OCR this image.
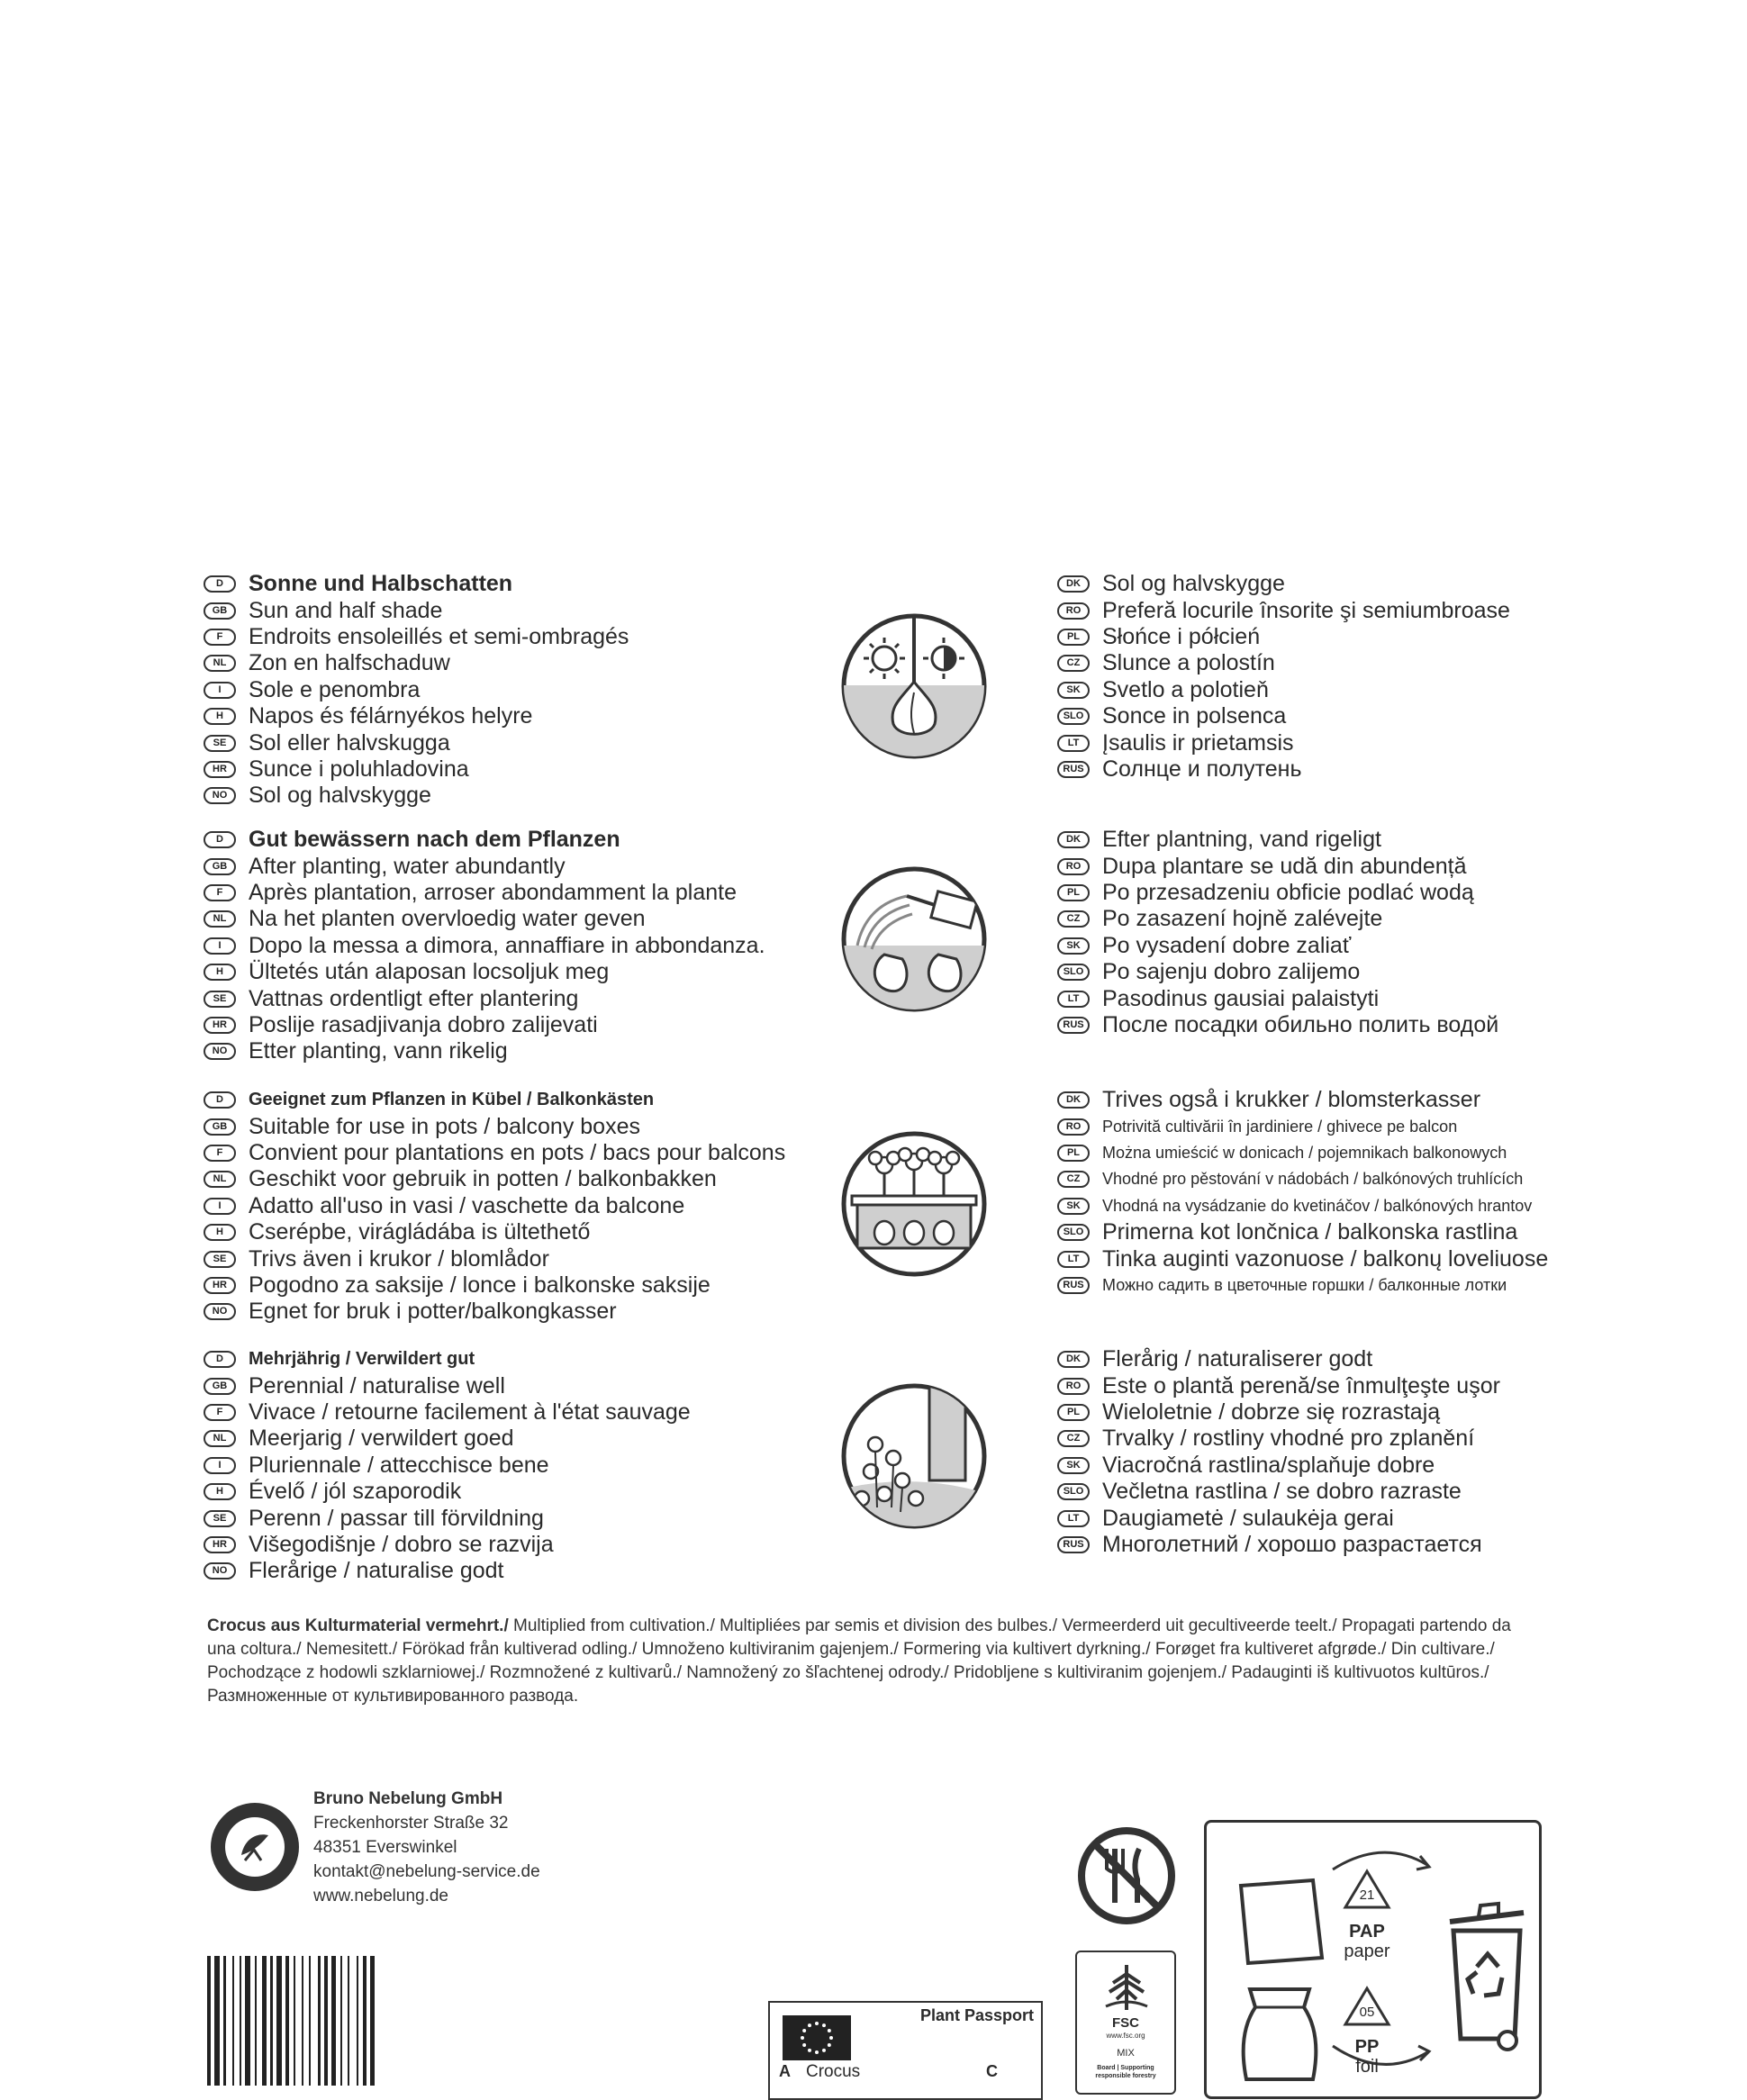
D	Sonne und Halbschatten
GB Sun and half shade
F	Endroits ensoleillés et semi-ombragés
NL Zon en halfschaduw
I	Sole e penombra
H	Napos és félárnyékos helyre
SE Sol eller halvskugga
HR Sunce i poluhladovina
NO Sol og halvskygge
DK Sol og halvskygge
RO Preferă locurile însorite şi semiumbroase
PL Słońce i półcień
CZ Slunce a polostín
SK Svetlo a polotieň
SLO Sonce in polsenca
LT	Įsaulis ir prietamsis
RUS Солнце и полутень
D	Gut bewässern nach dem Pflanzen
GB After planting, water abundantly
F	Après plantation, arroser abondamment la plante
NL Na het planten overvloedig water geven
I	Dopo la messa a dimora, annaffiare in abbondanza.
H	Ültetés után alaposan locsoljuk meg
SE Vattnas ordentligt efter plantering
HR Poslije rasadjivanja dobro zalijevati
NO Etter planting, vann rikelig
DK Efter plantning, vand rigeligt
RO Dupa plantare se udă din abundență
PL Po przesadzeniu obficie podlać wodą
CZ Po zasazení hojně zalévejte
SK Po vysadení dobre zaliať
SLO Po sajenju dobro zalijemo
LT	Pasodinus gausiai palaistyti
RUS После посадки обильно полить водой
D	Geeignet zum Pflanzen in Kübel / Balkonkästen
GB Suitable for use in pots / balcony boxes
F	Convient pour plantations en pots / bacs pour balcons
NL Geschikt voor gebruik in potten / balkonbakken
I	Adatto all'uso in vasi / vaschette da balcone
H	Cserépbe, virágládába is ültethető
SE Trivs även i krukor / blomlådor
HR Pogodno za saksije / lonce i balkonske saksije
NO Egnet for bruk i potter/balkongkasser
DK Trives også i krukker / blomsterkasser
RO	Potrivită cultivării în jardiniere / ghivece pe balcon
PL	Można umieścić w donicach / pojemnikach balkonowych
CZ	Vhodné pro pěstování v nádobách / balkónových truhlících
SK	Vhodná na vysádzanie do kvetináčov / balkónových hrantov
SLO Primerna kot lončnica / balkonska rastlina
LT	Tinka auginti vazonuose / balkonų loveliuose
RUS	Можно садить в цветочные горшки / балконные лотки
D	Mehrjährig / Verwildert gut
GB Perennial / naturalise well
F	Vivace / retourne facilement à l'état sauvage
NL Meerjarig / verwildert goed
I	Pluriennale / attecchisce bene
H	Évelő / jól szaporodik
SE Perenn / passar till förvildning
HR Višegodišnje / dobro se razvija
NO Flerårige / naturalise godt
DK Flerårig / naturaliserer godt
RO Este o plantă perenă/se înmulţeşte uşor
PL Wieloletnie / dobrze się rozrastają
CZ Trvalky / rostliny vhodné pro zplanění
SK Viacročná rastlina/splaňuje dobre
SLO Večletna rastlina / se dobro razraste
LT	Daugiametė / sulaukėja gerai
RUS Многолетний / хорошо разрастается
Crocus aus Kulturmaterial vermehrt./ Multiplied from cultivation./ Multipliées par semis et division des bulbes./ Vermeerderd uit gecultiveerde teelt./ Propagati partendo da una coltura./ Nemesitett./ Förökad från kultiverad odling./ Umnoženo kultiviranim gajenjem./ Formering via kultivert dyrkning./ Forøget fra kultiveret afgrøde./ Din cultivare./ Pochodzące z hodowli szklarniowej./ Rozmnožené z kultivarů./ Namnožený zo šľachtenej odrody./ Pridobljene s kultiviranim gojenjem./ Padauginti iš kultivuotos kultūros./ Размноженные от культивированного развода.
Bruno Nebelung GmbH
Freckenhorster Straße 32
48351 Everswinkel
kontakt@nebelung-service.de
www.nebelung.de
Plant Passport
A Crocus	C
FSC
www.fsc.org
MIX
Board | Supporting responsible forestry
21
PAP
paper
05
PP
foil
